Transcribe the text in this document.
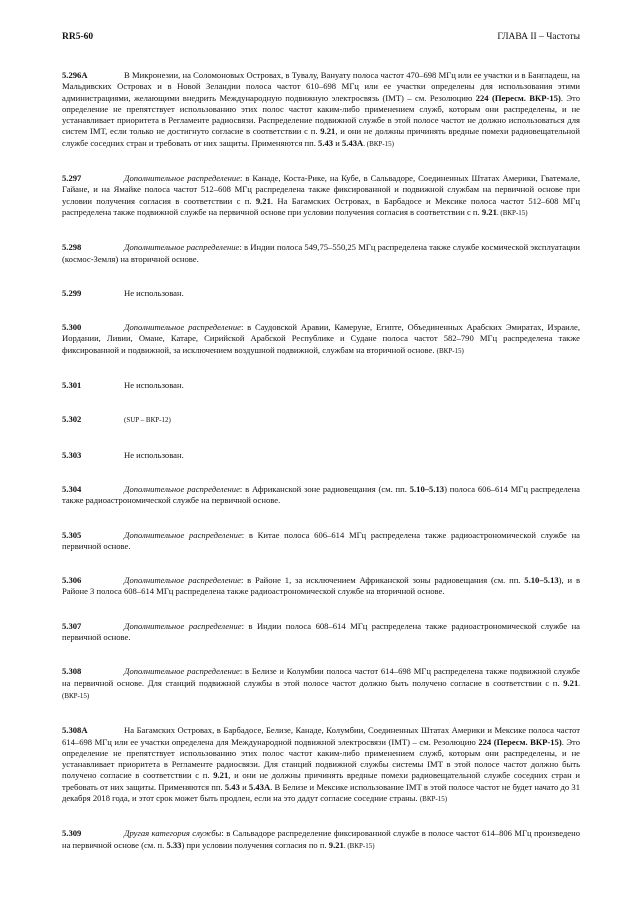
RR5-60	ГЛАВА II – Частоты

5.296A	В Микронезии, на Соломоновых Островах, в Тувалу, Вануату полоса частот 470–698 МГц или ее участки и в Бангладеш, на Мальдивских Островах и в Новой Зеландии полоса частот 610–698 МГц или ее участки определены для использования этими администрациями, желающими внедрить Международную подвижную электросвязь (IMT) – см. Резолюцию 224 (Пересм. ВКР-15). Это определение не препятствует использованию этих полос частот каким-либо применением служб, которым они распределены, и не устанавливает приоритета в Регламенте радиосвязи. Распределение подвижной службе в этой полосе частот не должно использоваться для систем IMT, если только не достигнуто согласие в соответствии с п. 9.21, и они не должны причинять вредные помехи радиовещательной службе соседних стран и требовать от них защиты. Применяются пп. 5.43 и 5.43A. (ВКР-15)

5.297	Дополнительное распределение: в Канаде, Коста-Рике, на Кубе, в Сальвадоре, Соединенных Штатах Америки, Гватемале, Гайане, и на Ямайке полоса частот 512–608 МГц распределена также фиксированной и подвижной службам на первичной основе при условии получения согласия в соответствии с п. 9.21. На Багамских Островах, в Барбадосе и Мексике полоса частот 512–608 МГц распределена также подвижной службе на первичной основе при условии получения согласия в соответствии с п. 9.21. (ВКР-15)

5.298	Дополнительное распределение: в Индии полоса 549,75–550,25 МГц распределена также службе космической эксплуатации (космос-Земля) на вторичной основе.

5.299	Не использован.

5.300	Дополнительное распределение: в Саудовской Аравии, Камеруне, Египте, Объединенных Арабских Эмиратах, Израиле, Иордании, Ливии, Омане, Катаре, Сирийской Арабской Республике и Судане полоса частот 582–790 МГц распределена также фиксированной и подвижной, за исключением воздушной подвижной, службам на вторичной основе. (ВКР-15)

5.301	Не использован.

5.302	(SUP – ВКР-12)

5.303	Не использован.

5.304	Дополнительное распределение: в Африканской зоне радиовещания (см. пп. 5.10–5.13) полоса 606–614 МГц распределена также радиоастрономической службе на первичной основе.

5.305	Дополнительное распределение: в Китае полоса 606–614 МГц распределена также радиоастрономической службе на первичной основе.

5.306	Дополнительное распределение: в Районе 1, за исключением Африканской зоны радиовещания (см. пп. 5.10–5.13), и в Районе 3 полоса 608–614 МГц распределена также радиоастрономической службе на вторичной основе.

5.307	Дополнительное распределение: в Индии полоса 608–614 МГц распределена также радиоастрономической службе на первичной основе.

5.308	Дополнительное распределение: в Белизе и Колумбии полоса частот 614–698 МГц распределена также подвижной службе на первичной основе. Для станций подвижной службы в этой полосе частот должно быть получено согласие в соответствии с п. 9.21. (ВКР-15)

5.308A	На Багамских Островах, в Барбадосе, Белизе, Канаде, Колумбии, Соединенных Штатах Америки и Мексике полоса частот 614–698 МГц или ее участки определена для Международной подвижной электросвязи (IMT) – см. Резолюцию 224 (Пересм. ВКР-15). Это определение не препятствует использованию этих полос частот каким-либо применением служб, которым они распределены, и не устанавливает приоритета в Регламенте радиосвязи. Для станций подвижной службы системы IMT в этой полосе частот должно быть получено согласие в соответствии с п. 9.21, и они не должны причинять вредные помехи радиовещательной службе соседних стран и требовать от них защиты. Применяются пп. 5.43 и 5.43A. В Белизе и Мексике использование IMT в этой полосе частот не будет начато до 31 декабря 2018 года, и этот срок может быть продлен, если на это дадут согласие соседние страны. (ВКР-15)

5.309	Другая категория службы: в Сальвадоре распределение фиксированной службе в полосе частот 614–806 МГц произведено на первичной основе (см. п. 5.33) при условии получения согласия по п. 9.21. (ВКР-15)
